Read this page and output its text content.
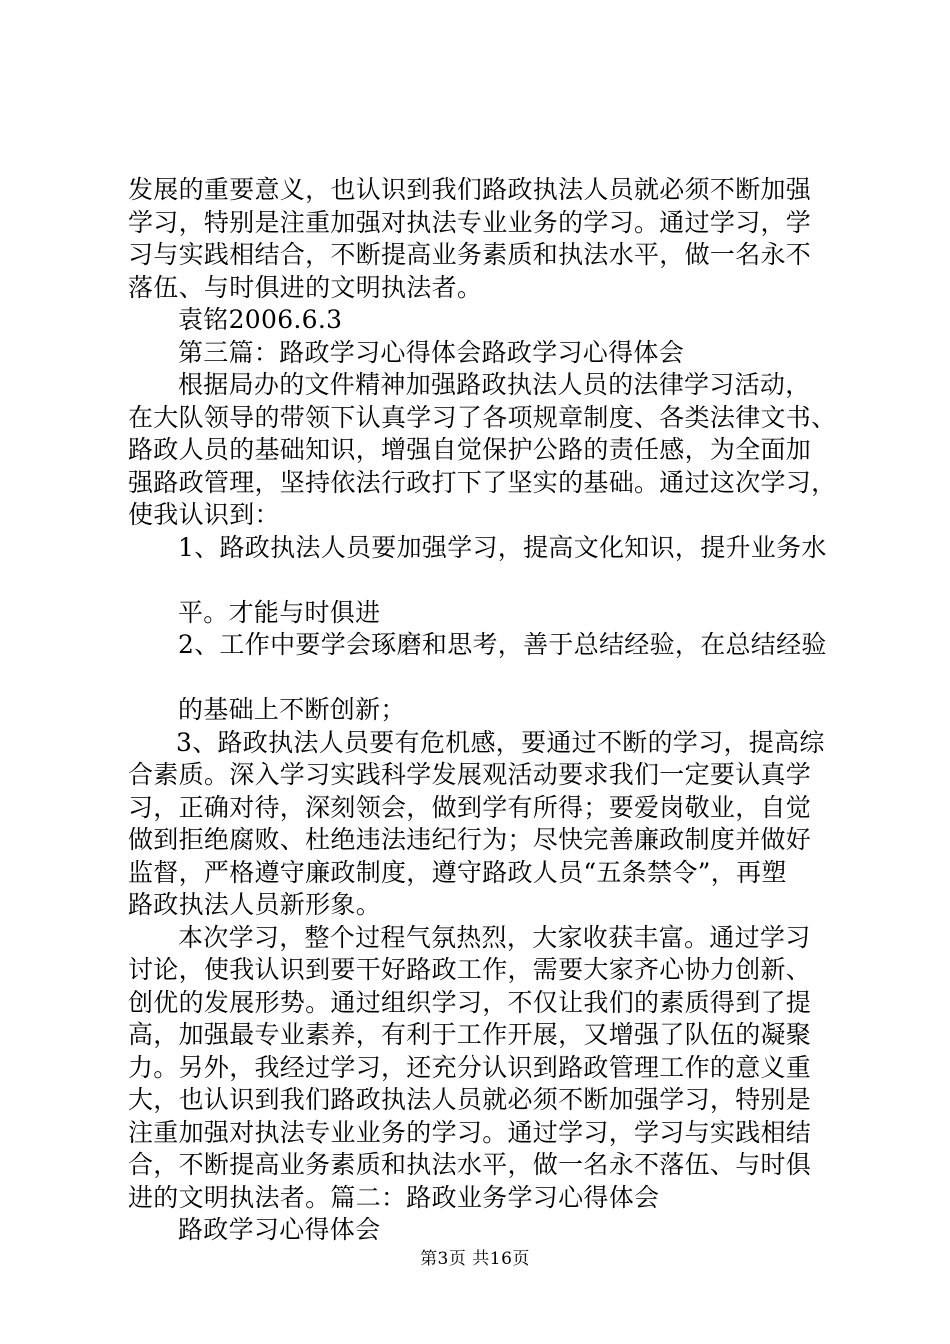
发展的重要意义，也认识到我们路政执法人员就必须不断加强
学习，特别是注重加强对执法专业业务的学习。通过学习，学
习与实践相结合，不断提高业务素质和执法水平，做一名永不
落伍、与时俱进的文明执法者。
袁铭2006.6.3
第三篇：路政学习心得体会路政学习心得体会
根据局办的文件精神加强路政执法人员的法律学习活动，
在大队领导的带领下认真学习了各项规章制度、各类法律文书、
路政人员的基础知识，增强自觉保护公路的责任感，为全面加
强路政管理，坚持依法行政打下了坚实的基础。通过这次学习，
使我认识到：
1、路政执法人员要加强学习，提高文化知识，提升业务水
平。才能与时俱进
2、工作中要学会琢磨和思考，善于总结经验，在总结经验
的基础上不断创新；
3、路政执法人员要有危机感，要通过不断的学习，提高综
合素质。深入学习实践科学发展观活动要求我们一定要认真学
习，正确对待，深刻领会，做到学有所得；要爱岗敬业，自觉
做到拒绝腐败、杜绝违法违纪行为；尽快完善廉政制度并做好
监督，严格遵守廉政制度，遵守路政人员“五条禁令”，再塑
路政执法人员新形象。
本次学习，整个过程气氛热烈，大家收获丰富。通过学习
讨论，使我认识到要干好路政工作，需要大家齐心协力创新、
创优的发展形势。通过组织学习，不仅让我们的素质得到了提
高，加强最专业素养，有利于工作开展，又增强了队伍的凝聚
力。另外，我经过学习，还充分认识到路政管理工作的意义重
大，也认识到我们路政执法人员就必须不断加强学习，特别是
注重加强对执法专业业务的学习。通过学习，学习与实践相结
合，不断提高业务素质和执法水平，做一名永不落伍、与时俱
进的文明执法者。篇二：路政业务学习心得体会
路政学习心得体会
第3页 共16页
